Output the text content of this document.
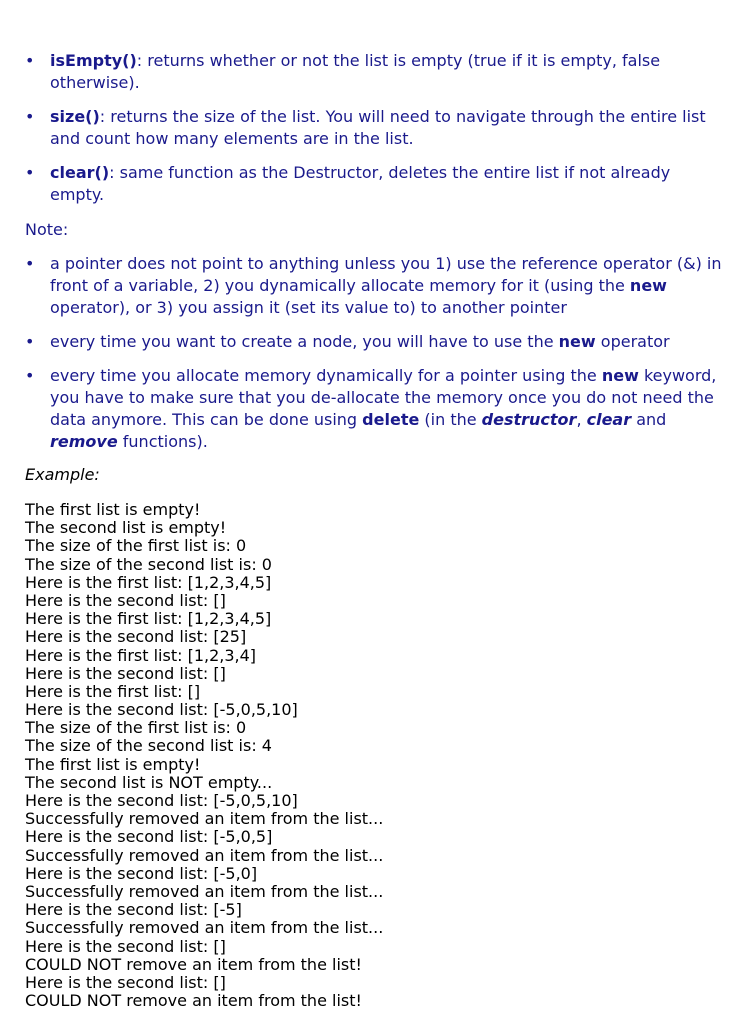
• isEmpty(): returns whether or not the list is empty (true if it is empty, false otherwise).
• size(): returns the size of the list. You will need to navigate through the entire list and count how many elements are in the list.
• clear(): same function as the Destructor, deletes the entire list if not already empty.
Note:
• a pointer does not point to anything unless you 1) use the reference operator (&) in front of a variable, 2) you dynamically allocate memory for it (using the new operator), or 3) you assign it (set its value to) to another pointer
• every time you want to create a node, you will have to use the new operator
• every time you allocate memory dynamically for a pointer using the new keyword, you have to make sure that you de-allocate the memory once you do not need the data anymore. This can be done using delete (in the destructor, clear and remove functions).
Example:
The first list is empty!
The second list is empty!
The size of the first list is: 0
The size of the second list is: 0
Here is the first list: [1,2,3,4,5]
Here is the second list: []
Here is the first list: [1,2,3,4,5]
Here is the second list: [25]
Here is the first list: [1,2,3,4]
Here is the second list: []
Here is the first list: []
Here is the second list: [-5,0,5,10]
The size of the first list is: 0
The size of the second list is: 4
The first list is empty!
The second list is NOT empty...
Here is the second list: [-5,0,5,10]
Successfully removed an item from the list...
Here is the second list: [-5,0,5]
Successfully removed an item from the list...
Here is the second list: [-5,0]
Successfully removed an item from the list...
Here is the second list: [-5]
Successfully removed an item from the list...
Here is the second list: []
COULD NOT remove an item from the list!
Here is the second list: []
COULD NOT remove an item from the list!
